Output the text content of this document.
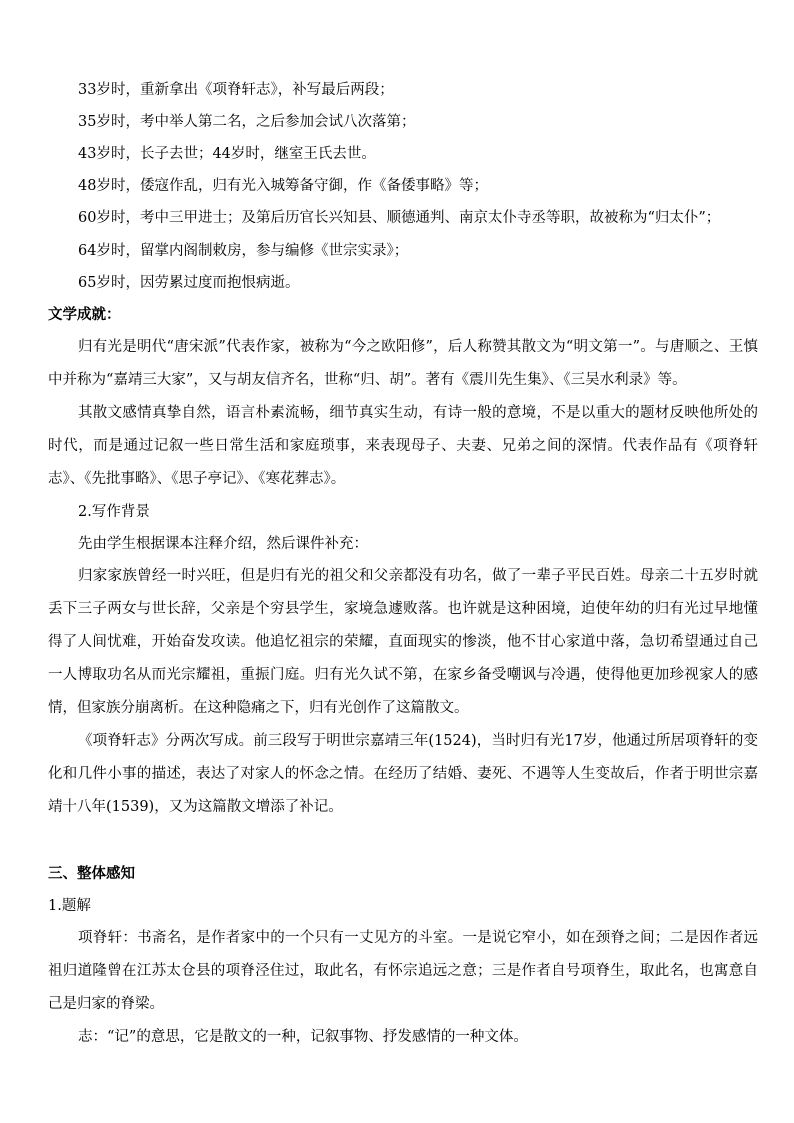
33岁时，重新拿出《项脊轩志》，补写最后两段；

35岁时，考中举人第二名，之后参加会试八次落第；

43岁时，长子去世；44岁时，继室王氏去世。

48岁时，倭寇作乱，归有光入城筹备守御，作《备倭事略》等；

60岁时，考中三甲进士；及第后历官长兴知县、顺德通判、南京太仆寺丞等职，故被称为“归太仆”；

64岁时，留掌内阁制敕房，参与编修《世宗实录》；

65岁时，因劳累过度而抱恨病逝。

文学成就：

归有光是明代“唐宋派”代表作家，被称为“今之欧阳修”，后人称赞其散文为“明文第一”。与唐顺之、王慎中并称为“嘉靖三大家”，又与胡友信齐名，世称“归、胡”。著有《震川先生集》、《三吴水利录》等。

其散文感情真挚自然，语言朴素流畅，细节真实生动，有诗一般的意境，不是以重大的题材反映他所处的时代，而是通过记叙一些日常生活和家庭琐事，来表现母子、夫妻、兄弟之间的深情。代表作品有《项脊轩志》、《先批事略》、《思子亭记》、《寒花葬志》。

2.写作背景

先由学生根据课本注释介绍，然后课件补充：

归家家族曾经一时兴旺，但是归有光的祖父和父亲都没有功名，做了一辈子平民百姓。母亲二十五岁时就丢下三子两女与世长辞，父亲是个穷县学生，家境急遽败落。也许就是这种困境，迫使年幼的归有光过早地懂得了人间忧难，开始奋发攻读。他追忆祖宗的荣耀，直面现实的惨淡，他不甘心家道中落，急切希望通过自己一人博取功名从而光宗耀祖，重振门庭。归有光久试不第，在家乡备受嘲讽与冷遇，使得他更加珍视家人的感情，但家族分崩离析。在这种隐痛之下，归有光创作了这篇散文。

《项脊轩志》分两次写成。前三段写于明世宗嘉靖三年(1524)，当时归有光17岁，他通过所居项脊轩的变化和几件小事的描述，表达了对家人的怀念之情。在经历了结婚、妻死、不遇等人生变故后，作者于明世宗嘉靖十八年(1539)，又为这篇散文增添了补记。

三、整体感知

1.题解

项脊轩：书斋名，是作者家中的一个只有一丈见方的斗室。一是说它窄小，如在颈脊之间；二是因作者远祖归道隆曾在江苏太仓县的项脊泾住过，取此名，有怀宗追远之意；三是作者自号项脊生，取此名，也寓意自己是归家的脊梁。

志：“记”的意思，它是散文的一种，记叙事物、抒发感情的一种文体。
